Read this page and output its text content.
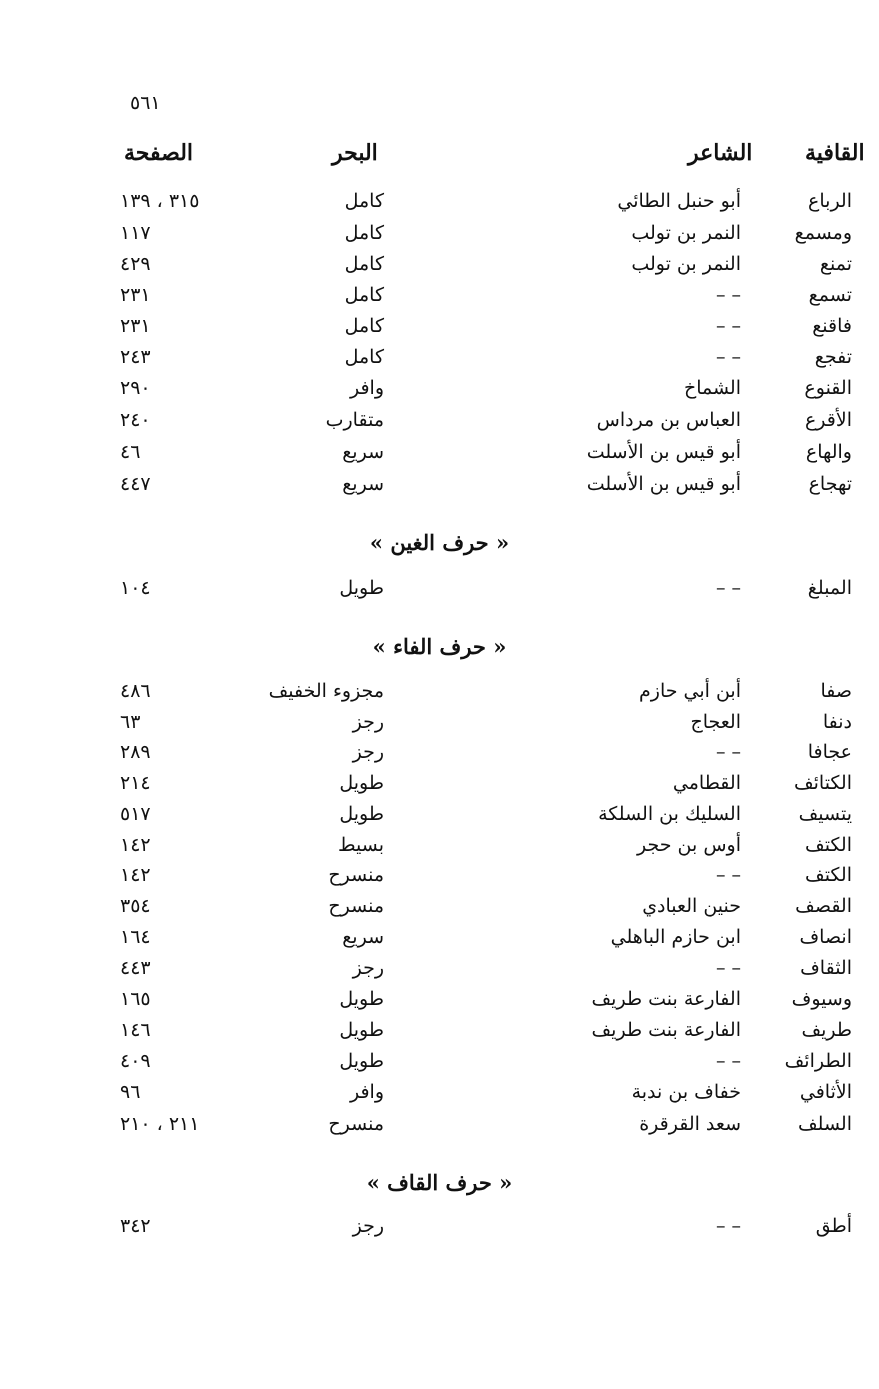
٥٦١
القافية
الشاعر
البحر
الصفحة
الرباع
أبو حنبل الطائي
كامل
٣١٥ ، ١٣٩
ومسمع
النمر بن تولب
كامل
١١٧
تمنع
النمر بن تولب
كامل
٤٢٩
تسمع
– –
كامل
٢٣١
فاقنع
– –
كامل
٢٣١
تفجع
– –
كامل
٢٤٣
القنوع
الشماخ
وافر
٢٩٠
الأقرع
العباس بن مرداس
متقارب
٢٤٠
والهاع
أبو قيس بن الأسلت
سريع
٤٦
تهجاع
أبو قيس بن الأسلت
سريع
٤٤٧
« حرف الغين »
المبلغ
– –
طويل
١٠٤
« حرف الفاء »
صفا
أبن أبي حازم
مجزوء الخفيف
٤٨٦
دنفا
العجاج
رجز
٦٣
عجافا
– –
رجز
٢٨٩
الكتائف
القطامي
طويل
٢١٤
يتسيف
السليك بن السلكة
طويل
٥١٧
الكتف
أوس بن حجر
بسيط
١٤٢
الكتف
– –
منسرح
١٤٢
القصف
حنين العبادي
منسرح
٣٥٤
انصاف
ابن حازم الباهلي
سريع
١٦٤
الثقاف
– –
رجز
٤٤٣
وسيوف
الفارعة بنت طريف
طويل
١٦٥
طريف
الفارعة بنت طريف
طويل
١٤٦
الطرائف
– –
طويل
٤٠٩
الأثافي
خفاف بن ندبة
وافر
٩٦
السلف
سعد القرقرة
منسرح
٢١١ ، ٢١٠
« حرف القاف »
أطق
– –
رجز
٣٤٢
